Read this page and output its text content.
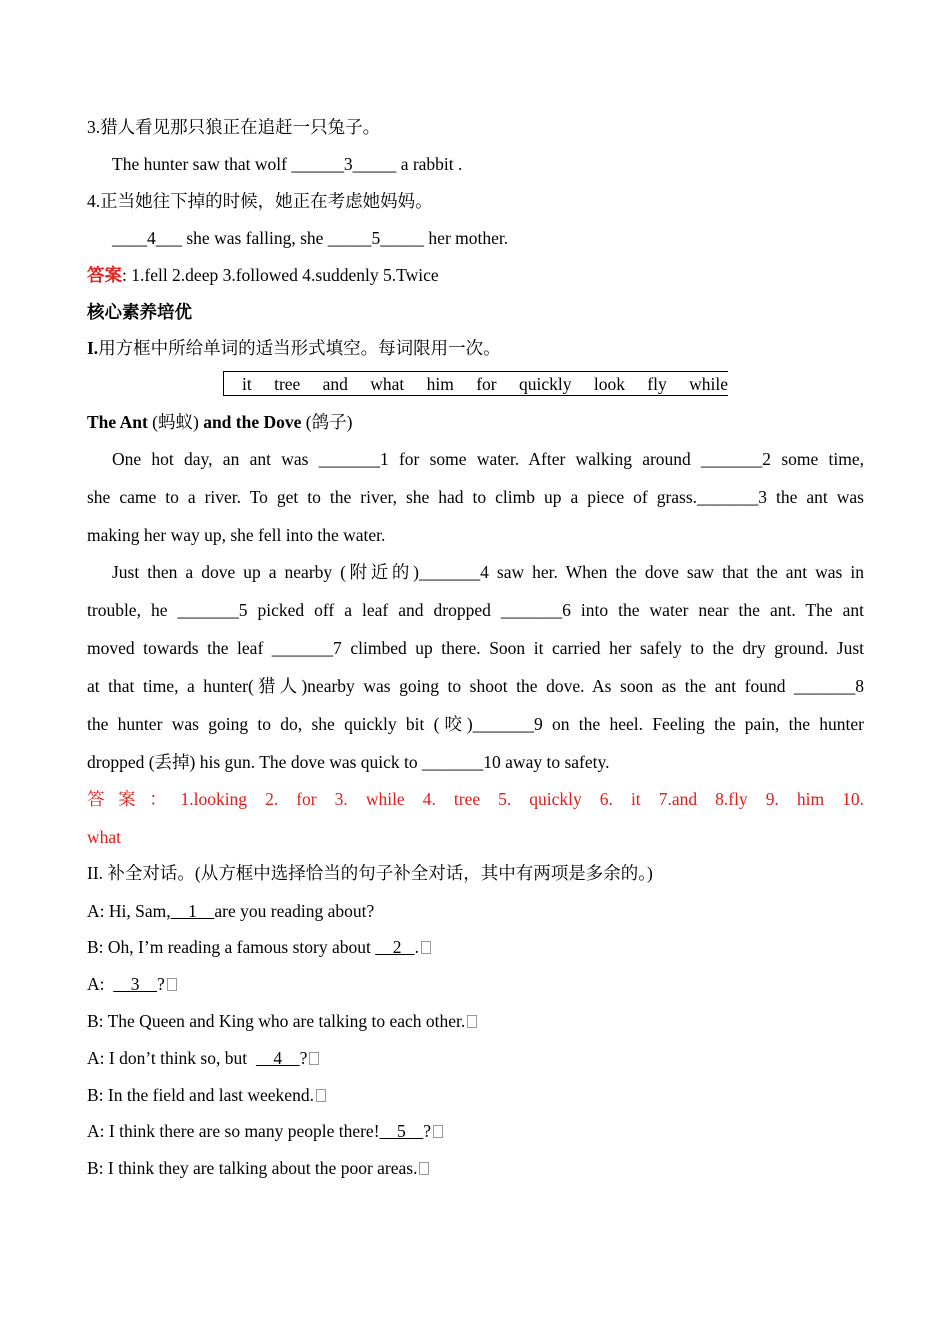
3.猎人看见那只狼正在追赶一只兔子。
The hunter saw that wolf ______3_____ a rabbit .
4.正当她往下掉的时候，她正在考虑她妈妈。
____4___ she was falling, she _____5_____ her mother.
答案: 1.fell 2.deep 3.followed 4.suddenly 5.Twice
核心素养培优
I.用方框中所给单词的适当形式填空。每词限用一次。
it tree and what him for quickly look fly while
The Ant (蚂蚁) and the Dove (鸽子)
One hot day, an ant was _______1 for some water. After walking around _______2 some time,
she came to a river. To get to the river, she had to climb up a piece of grass._______3 the ant was
making her way up, she fell into the water.
Just then a dove up a nearby (附近的)_______4 saw her. When the dove saw that the ant was in
trouble, he _______5 picked off a leaf and dropped _______6 into the water near the ant. The ant
moved towards the leaf _______7 climbed up there. Soon it carried her safely to the dry ground. Just
at that time, a hunter(猎人)nearby was going to shoot the dove. As soon as the ant found _______8
the hunter was going to do, she quickly bit (咬)_______9 on the heel. Feeling the pain, the hunter
dropped (丢掉) his gun. The dove was quick to _______10 away to safety.
答案：1.looking 2. for 3. while 4. tree 5. quickly 6. it 7.and 8.fly 9. him 10.
what
II. 补全对话。(从方框中选择恰当的句子补全对话，其中有两项是多余的。)
A: Hi, Sam,    1    are you reading about?
B: Oh, I’m reading a famous story about     2   .
A:      3    ?
B: The Queen and King who are talking to each other.
A: I don’t think so, but      4    ?
B: In the field and last weekend.
A: I think there are so many people there!    5    ?
B: I think they are talking about the poor areas.
